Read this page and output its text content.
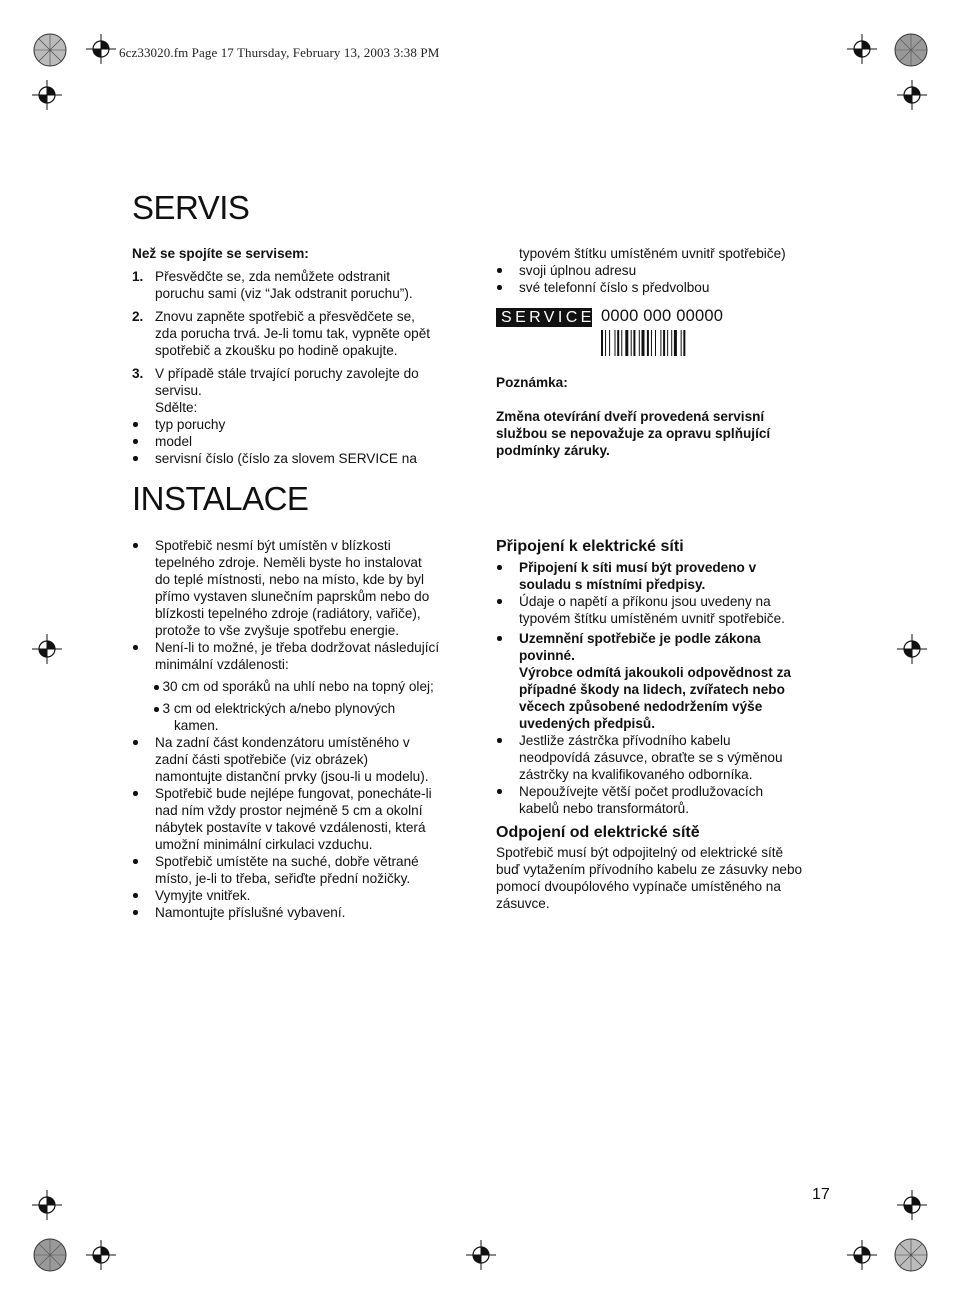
6cz33020.fm Page 17 Thursday, February 13, 2003 3:38 PM
SERVIS
Než se spojíte se servisem:
1. Přesvědčte se, zda nemůžete odstranit
poruchu sami (viz “Jak odstranit poruchu”).
2. Znovu zapněte spotřebič a přesvědčete se,
zda porucha trvá. Je-li tomu tak, vypněte opět
spotřebič a zkoušku po hodině opakujte.
3. V případě stále trvající poruchy zavolejte do
servisu.
Sdělte:
typ poruchy
model
servisní číslo (číslo za slovem SERVICE na
typovém štítku umístěném uvnitř spotřebiče)
svoji úplnou adresu
své telefonní číslo s předvolbou
SERVICE 0000 000 00000
Poznámka:
Změna otevírání dveří provedená servisní
službou se nepovažuje za opravu splňující
podmínky záruky.
INSTALACE
Spotřebič nesmí být umístěn v blízkosti
tepelného zdroje. Neměli byste ho instalovat
do teplé místnosti, nebo na místo, kde by byl
přímo vystaven slunečním paprskům nebo do
blízkosti tepelného zdroje (radiátory, vařiče),
protože to vše zvyšuje spotřebu energie.
Není-li to možné, je třeba dodržovat následující
minimální vzdálenosti:
30 cm od sporáků na uhlí nebo na topný olej;
3 cm od elektrických a/nebo plynových
kamen.
Na zadní část kondenzátoru umístěného v
zadní části spotřebiče (viz obrázek)
namontujte distanční prvky (jsou-li u modelu).
Spotřebič bude nejlépe fungovat, ponecháte-li
nad ním vždy prostor nejméně 5 cm a okolní
nábytek postavíte v takové vzdálenosti, která
umožní minimální cirkulaci vzduchu.
Spotřebič umístěte na suché, dobře větrané
místo, je-li to třeba, seřiďte přední nožičky.
Vymyjte vnitřek.
Namontujte příslušné vybavení.
Připojení k elektrické síti
Připojení k síti musí být provedeno v
souladu s místními předpisy.
Údaje o napětí a příkonu jsou uvedeny na
typovém štítku umístěném uvnitř spotřebiče.
Uzemnění spotřebiče je podle zákona
povinné.
Výrobce odmítá jakoukoli odpovědnost za
případné škody na lidech, zvířatech nebo
věcech způsobené nedodržením výše
uvedených předpisů.
Jestliže zástrčka přívodního kabelu
neodpovídá zásuvce, obraťte se s výměnou
zástrčky na kvalifikovaného odborníka.
Nepoužívejte větší počet prodlužovacích
kabelů nebo transformátorů.
Odpojení od elektrické sítě
Spotřebič musí být odpojitelný od elektrické sítě
buď vytažením přívodního kabelu ze zásuvky nebo
pomocí dvoupólového vypínače umístěného na
zásuvce.
17
